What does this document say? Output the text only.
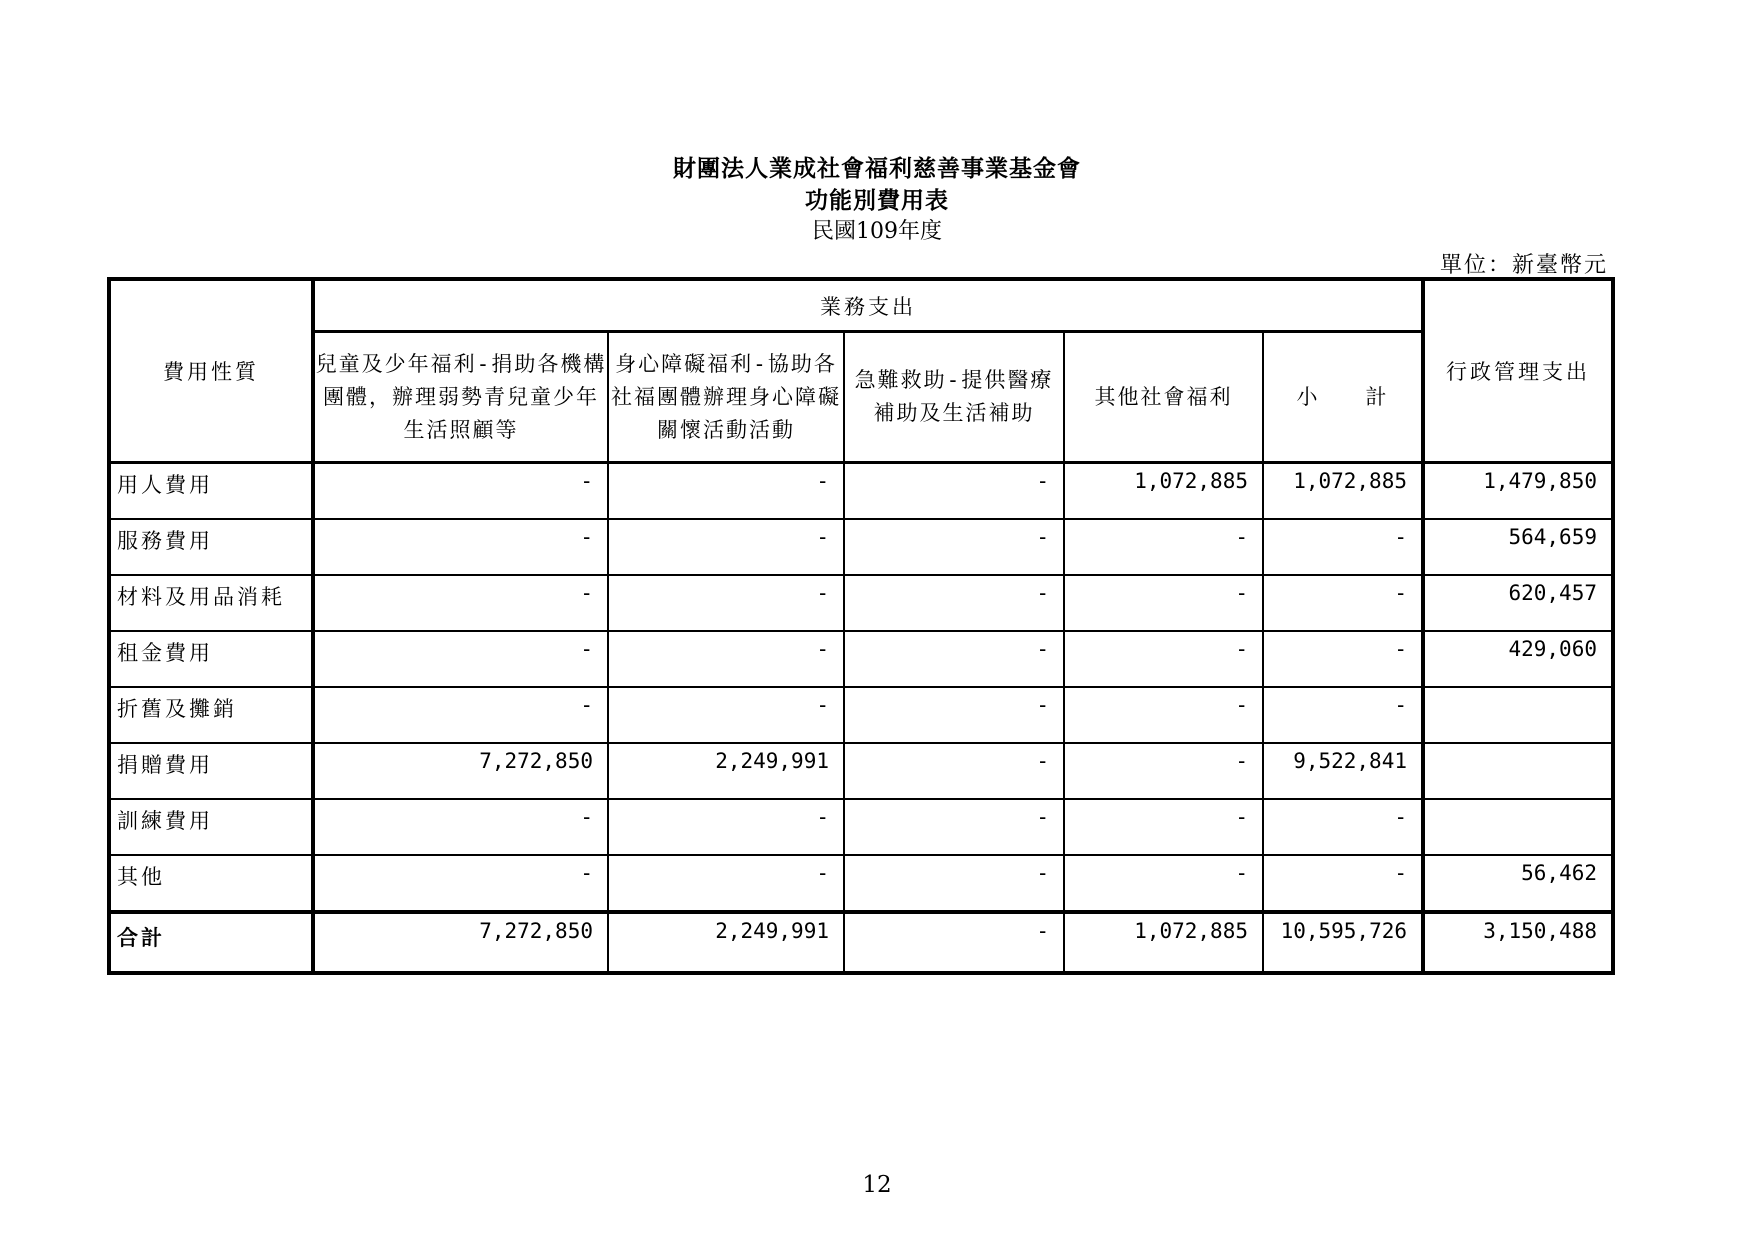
財團法人業成社會福利慈善事業基金會
功能別費用表
民國109年度
單位：新臺幣元
費用性質	業務支出					行政管理支出
	兒童及少年福利-捐助各機構團體，辦理弱勢青兒童少年生活照顧等	身心障礙福利-協助各社福團體辦理身心障礙關懷活動活動	急難救助-提供醫療補助及生活補助	其他社會福利	小　　計	
用人費用	-	-	-	1,072,885	1,072,885	1,479,850
服務費用	-	-	-	-	-	564,659
材料及用品消耗	-	-	-	-	-	620,457
租金費用	-	-	-	-	-	429,060
折舊及攤銷	-	-	-	-	-	
捐贈費用	7,272,850	2,249,991	-	-	9,522,841	
訓練費用	-	-	-	-	-	
其他	-	-	-	-	-	56,462
合計	7,272,850	2,249,991	-	1,072,885	10,595,726	3,150,488
12
